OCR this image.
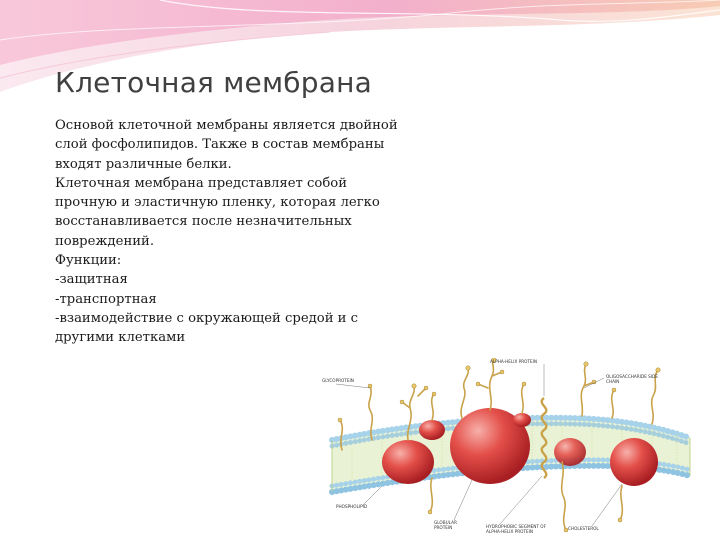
Клеточная мембрана

Основой клеточной мембраны является двойной слой фосфолипидов. Также в состав мембраны входят различные белки.

Клеточная мембрана представляет собой прочную и эластичную пленку, которая легко восстанавливается после незначительных повреждений.

Функции:

-защитная

-транспортная

-взаимодействие с окружающей средой и с другими клетками

ALPHA-HELIX PROTEIN
GLYCOPROTEIN
OLIGOSACCHARIDE SIDE CHAIN
PHOSPHOLIPID
GLOBULAR PROTEIN	HYDROPHOBIC SEGMENT OF ALPHA-HELIX PROTEIN
CHOLESTEROL
